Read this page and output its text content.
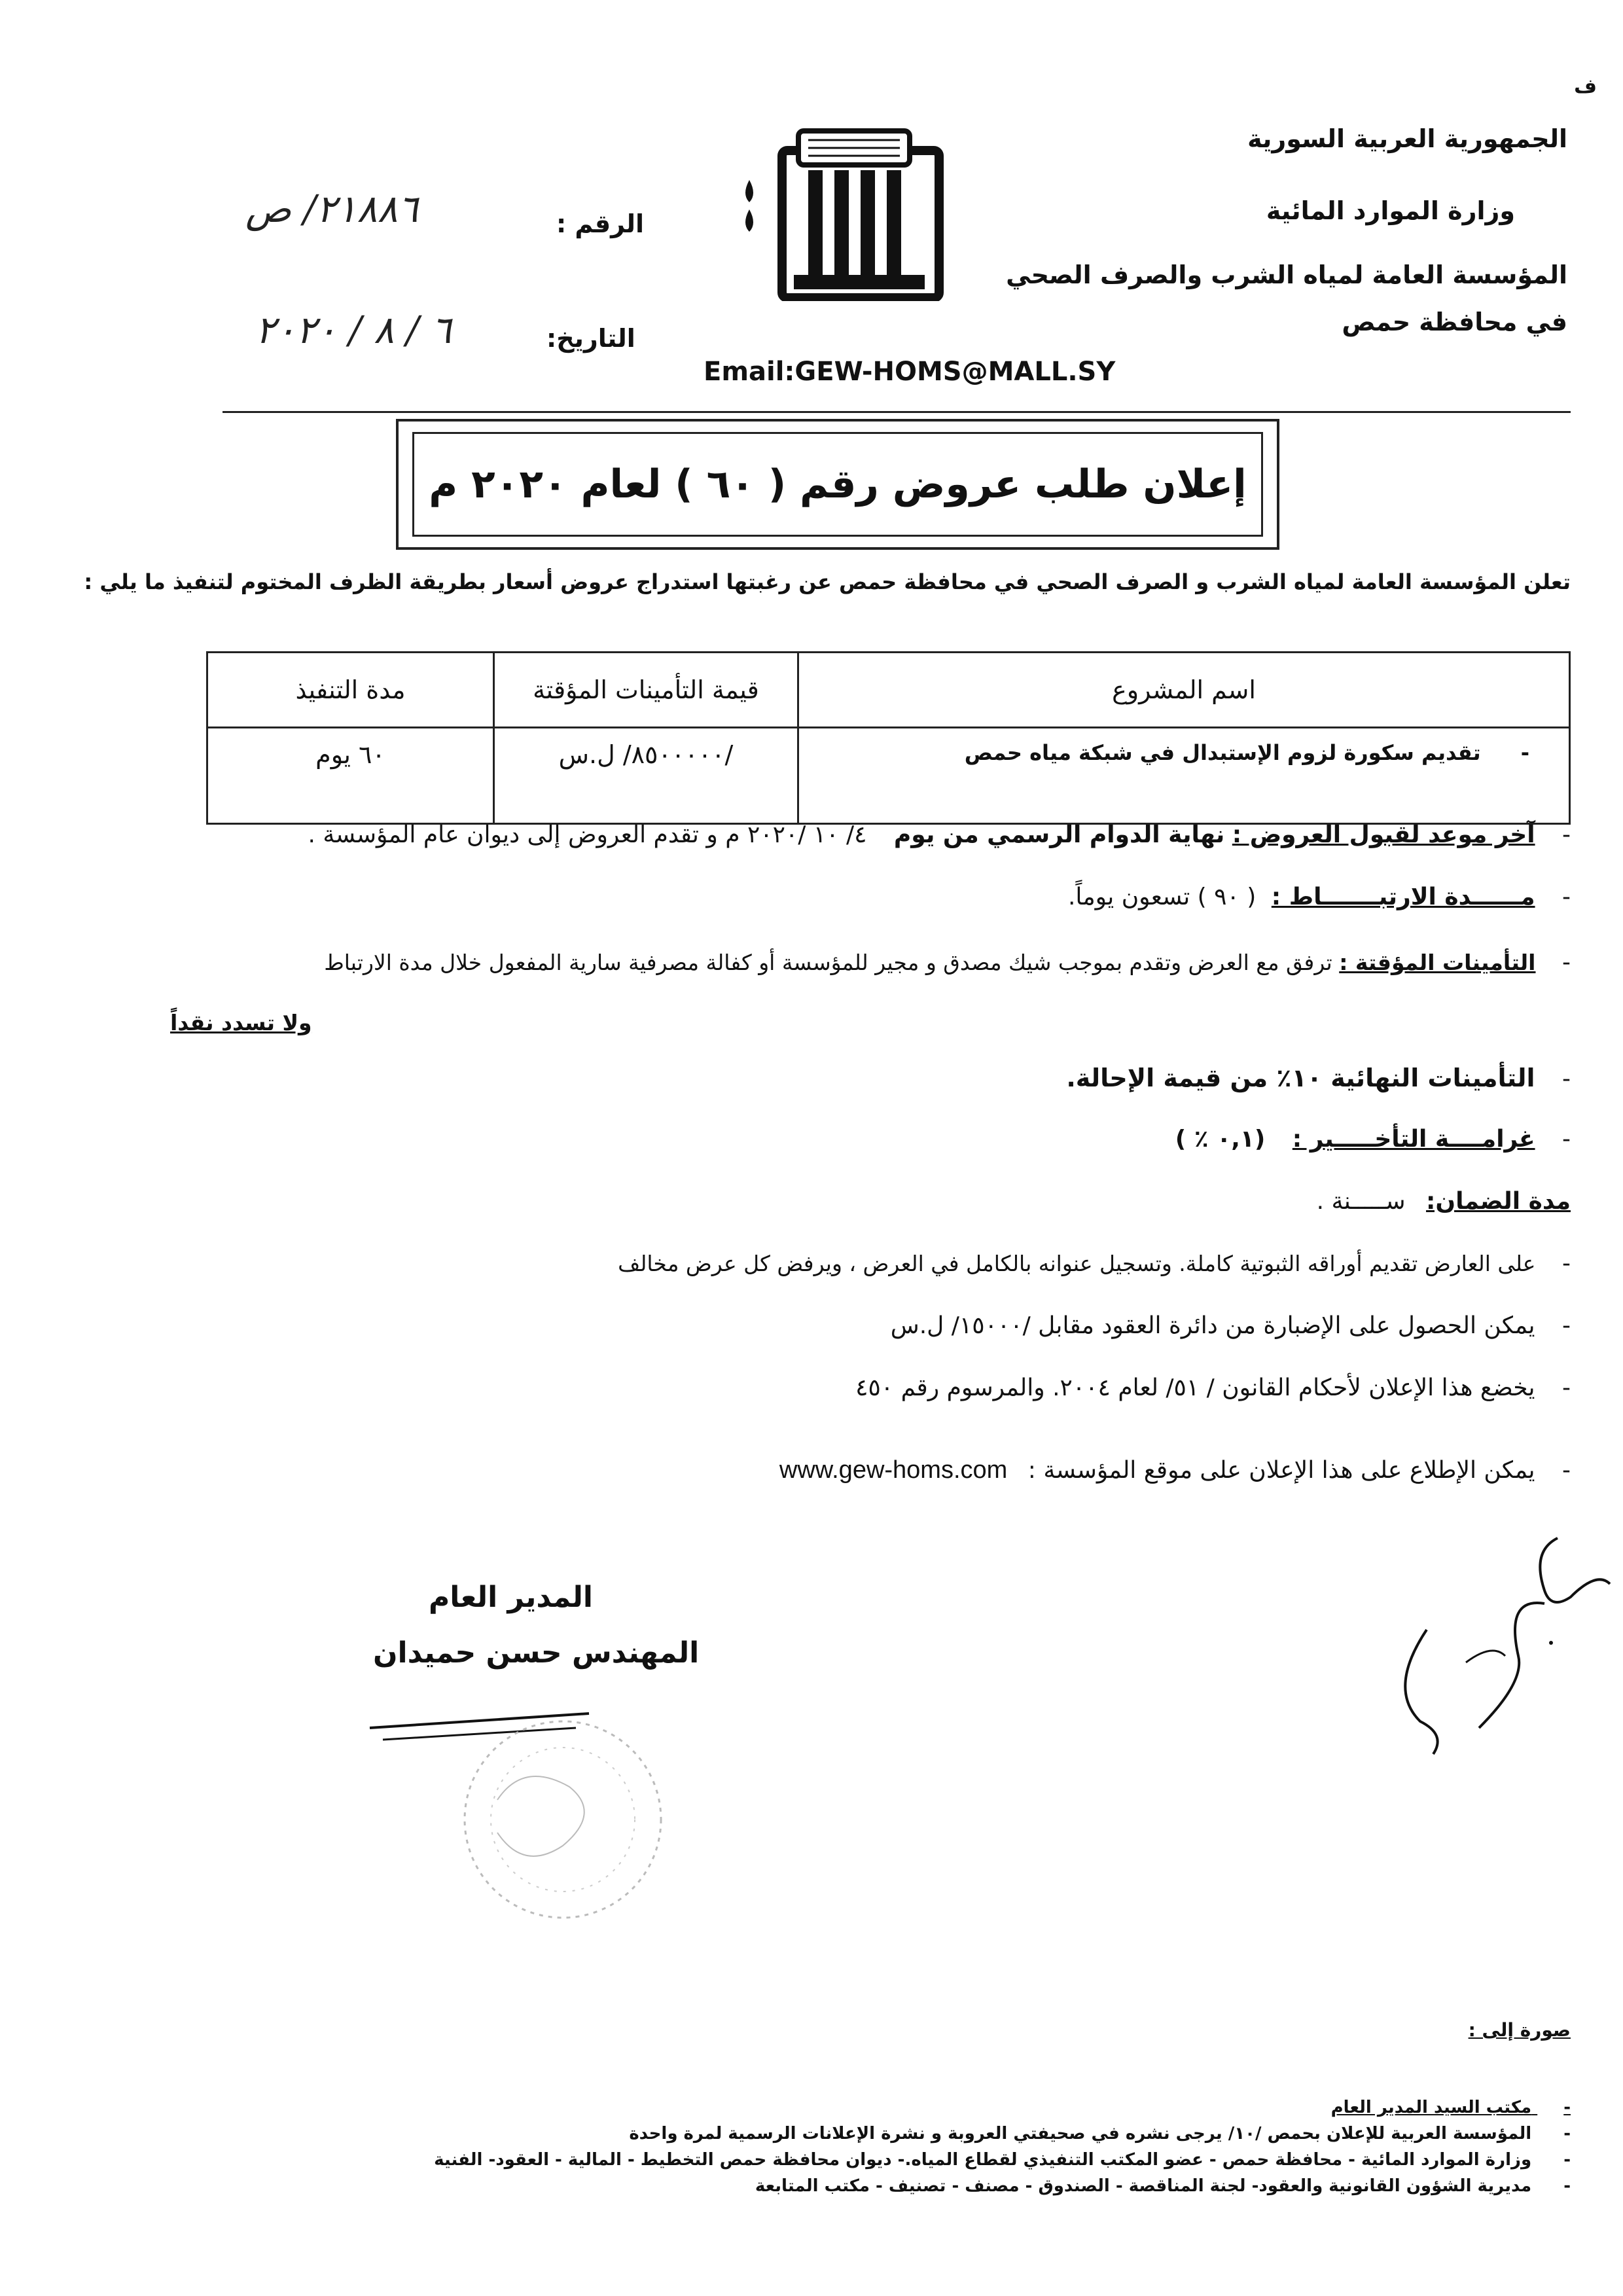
ف
الجمهورية العربية السورية
وزارة الموارد المائية
المؤسسة العامة لمياه الشرب والصرف الصحي
في محافظة حمص
الرقم :
٢١٨٨٦/ ص
التاريخ:
٦ / ٨ / ٢٠٢٠
Email:GEW-HOMS@MALL.SY
إعلان طلب عروض رقم ( ٦٠ ) لعام ٢٠٢٠ م
تعلن المؤسسة العامة لمياه الشرب و الصرف الصحي في محافظة حمص عن رغبتها استدراج عروض أسعار بطريقة الظرف المختوم لتنفيذ ما يلي :
اسم المشروع	قيمة التأمينات المؤقتة	مدة التنفيذ
- تقديم سكورة لزوم الإستبدال في شبكة مياه حمص	/٨٥٠٠٠٠٠/ ل.س	٦٠ يوم
- آخر موعد لقبول العروض : نهاية الدوام الرسمي من يوم ٤/ ١٠ /٢٠٢٠ م و تقدم العروض إلى ديوان عام المؤسسة .
- مــــــدة الارتبـــــــاط : ( ٩٠ ) تسعون يوماً.
- التأمينات المؤقتة : ترفق مع العرض وتقدم بموجب شيك مصدق و مجير للمؤسسة أو كفالة مصرفية سارية المفعول خلال مدة الارتباط
ولا تسدد نقداً
- التأمينات النهائية ١٠٪ من قيمة الإحالة.
- غرامــــة التأخـــــير : (٠,١ ٪ )
مدة الضمان: ســـــنة .
- على العارض تقديم أوراقه الثبوتية كاملة. وتسجيل عنوانه بالكامل في العرض ، ويرفض كل عرض مخالف
- يمكن الحصول على الإضبارة من دائرة العقود مقابل /١٥٠٠٠/ ل.س
- يخضع هذا الإعلان لأحكام القانون / ٥١/ لعام ٢٠٠٤. والمرسوم رقم ٤٥٠
- يمكن الإطلاع على هذا الإعلان على موقع المؤسسة : www.gew-homs.com
المدير العام
المهندس حسن حميدان
صورة إلى :
- مكتب السيد المدير العام
- المؤسسة العربية للإعلان بحمص /١٠/ يرجى نشره في صحيفتي العروبة و نشرة الإعلانات الرسمية لمرة واحدة
- وزارة الموارد المائية - محافظة حمص - عضو المكتب التنفيذي لقطاع المياه.- ديوان محافظة حمص التخطيط - المالية - العقود- الفنية
- مديرية الشؤون القانونية والعقود- لجنة المناقصة - الصندوق - مصنف - تصنيف - مكتب المتابعة
